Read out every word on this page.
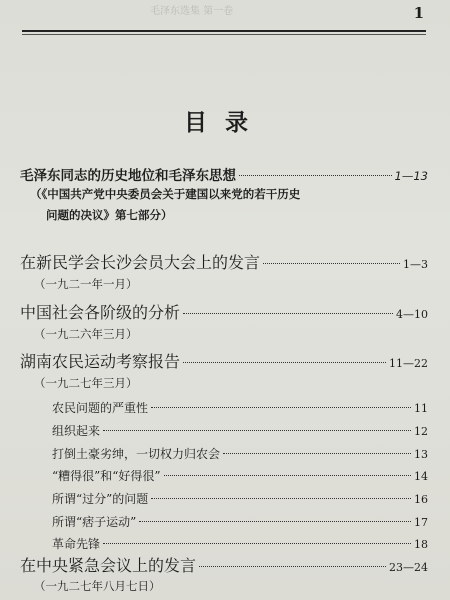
毛泽东选集 第一卷	1
目录
毛泽东同志的历史地位和毛泽东思想	1—13
（《中国共产党中央委员会关于建国以来党的若干历史
问题的决议》第七部分）
在新民学会长沙会员大会上的发言	1—3
（一九二一年一月）
中国社会各阶级的分析	4—10
（一九二六年三月）
湖南农民运动考察报告	11—22
（一九二七年三月）
农民问题的严重性	11
组织起来	12
打倒土豪劣绅，一切权力归农会	13
“糟得很”和“好得很”	14
所谓“过分”的问题	16
所谓“痞子运动”	17
革命先锋	18
在中央紧急会议上的发言	23—24
（一九二七年八月七日）
